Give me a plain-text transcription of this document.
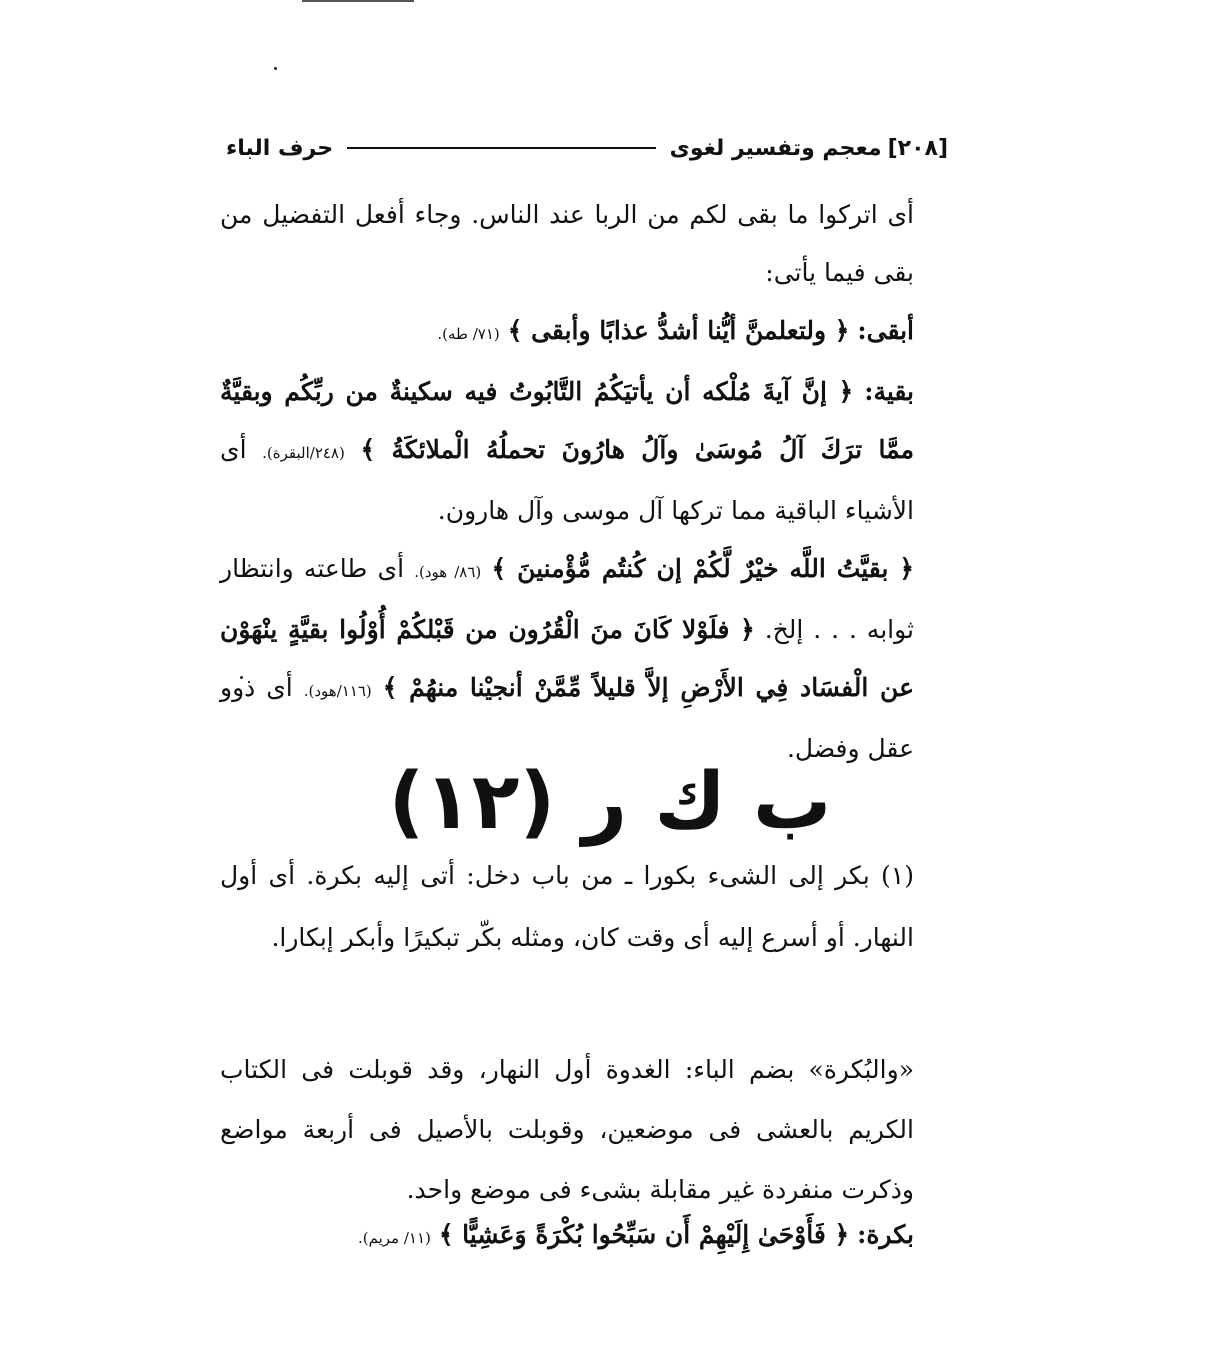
[٢٠٨]
معجم وتفسير لغوى
حرف الباء

أى اتركوا ما بقى لكم من الربا عند الناس. وجاء أفعل التفضيل من بقى فيما يأتى:

أبقى: ﴿ ولتعلمنَّ أيُّنا أشدُّ عذابًا وأبقى ﴾ (٧١/ طه).

بقية: ﴿ إنَّ آيةَ مُلْكه أن يأتيَكُمُ التَّابُوتُ فيه سكينةٌ من ربِّكُم وبقيَّةٌ ممَّا ترَكَ آلُ مُوسَىٰ وآلُ هارُونَ تحملُهُ الْملائكَةُ ﴾ (٢٤٨/البقرة). أى الأشياء الباقية مما تركها آل موسى وآل هارون.

﴿ بقيَّتُ اللَّه خيْرٌ لَّكُمْ إن كُنتُم مُّؤْمنينَ ﴾ (٨٦/ هود). أى طاعته وانتظار ثوابه . . . إلخ. ﴿ فلَوْلا كَانَ منَ الْقُرُون من قَبْلكُمْ أُوْلُوا بقيَّةٍ ينْهَوْن عن الْفسَاد فِي الأَرْضِ إلاَّ قليلاً مِّمَّنْ أنجيْنا منهُمْ ﴾ (١١٦/هود). أى ذوو عقل وفضل.

ب ك ر (١٢)

(١) بكر إلى الشىء بكورا ـ من باب دخل: أتى إليه بكرة. أى أول النهار. أو أسرع إليه أى وقت كان، ومثله بكّر تبكيرًا وأبكر إبكارا.

«والبُكرة» بضم الباء: الغدوة أول النهار، وقد قوبلت فى الكتاب الكريم بالعشى فى موضعين، وقوبلت بالأصيل فى أربعة مواضع وذكرت منفردة غير مقابلة بشىء فى موضع واحد.

بكرة: ﴿ فَأَوْحَىٰ إِلَيْهِمْ أَن سَبِّحُوا بُكْرَةً وَعَشِيًّا ﴾ (١١/ مريم).
